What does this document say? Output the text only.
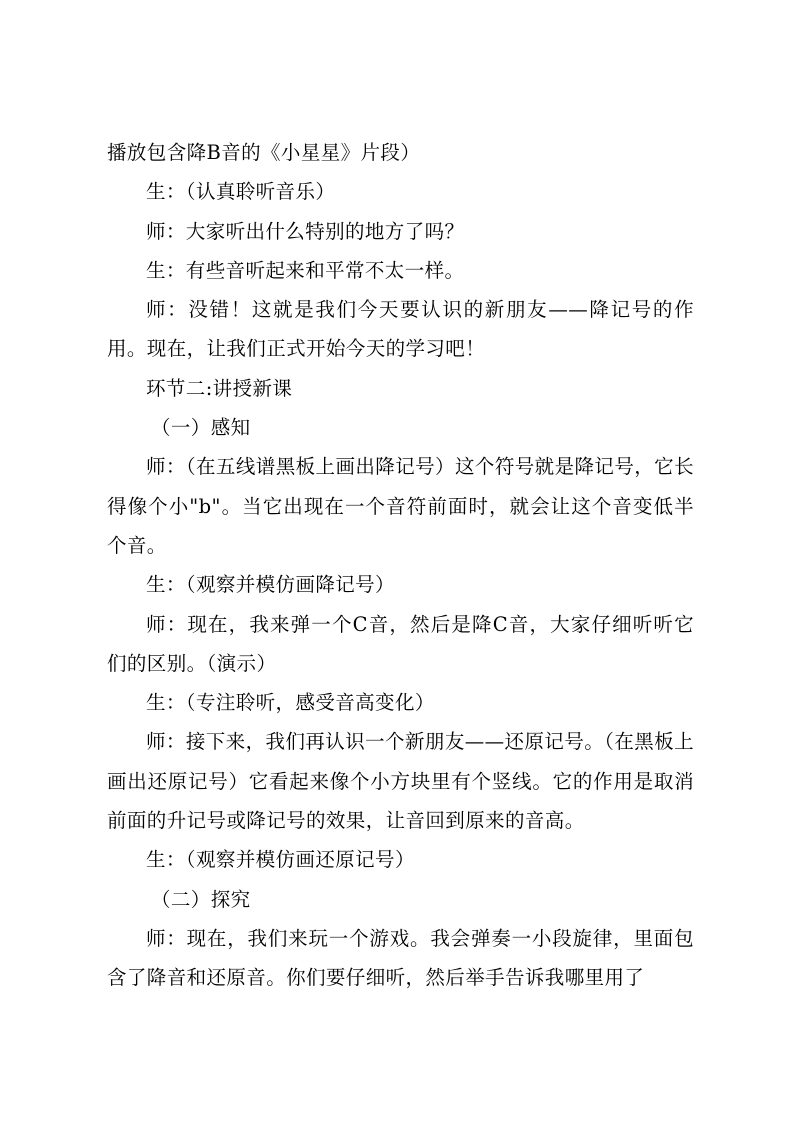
播放包含降B音的《小星星》片段）

生：（认真聆听音乐）

师：大家听出什么特别的地方了吗？

生：有些音听起来和平常不太一样。

师：没错！这就是我们今天要认识的新朋友——降记号的作用。现在，让我们正式开始今天的学习吧！

环节二:讲授新课

（一）感知

师：（在五线谱黑板上画出降记号）这个符号就是降记号，它长得像个小"b"。当它出现在一个音符前面时，就会让这个音变低半个音。

生：（观察并模仿画降记号）

师：现在，我来弹一个C音，然后是降C音，大家仔细听听它们的区别。（演示）

生：（专注聆听，感受音高变化）

师：接下来，我们再认识一个新朋友——还原记号。（在黑板上画出还原记号）它看起来像个小方块里有个竖线。它的作用是取消前面的升记号或降记号的效果，让音回到原来的音高。

生：（观察并模仿画还原记号）

（二）探究

师：现在，我们来玩一个游戏。我会弹奏一小段旋律，里面包含了降音和还原音。你们要仔细听，然后举手告诉我哪里用了
